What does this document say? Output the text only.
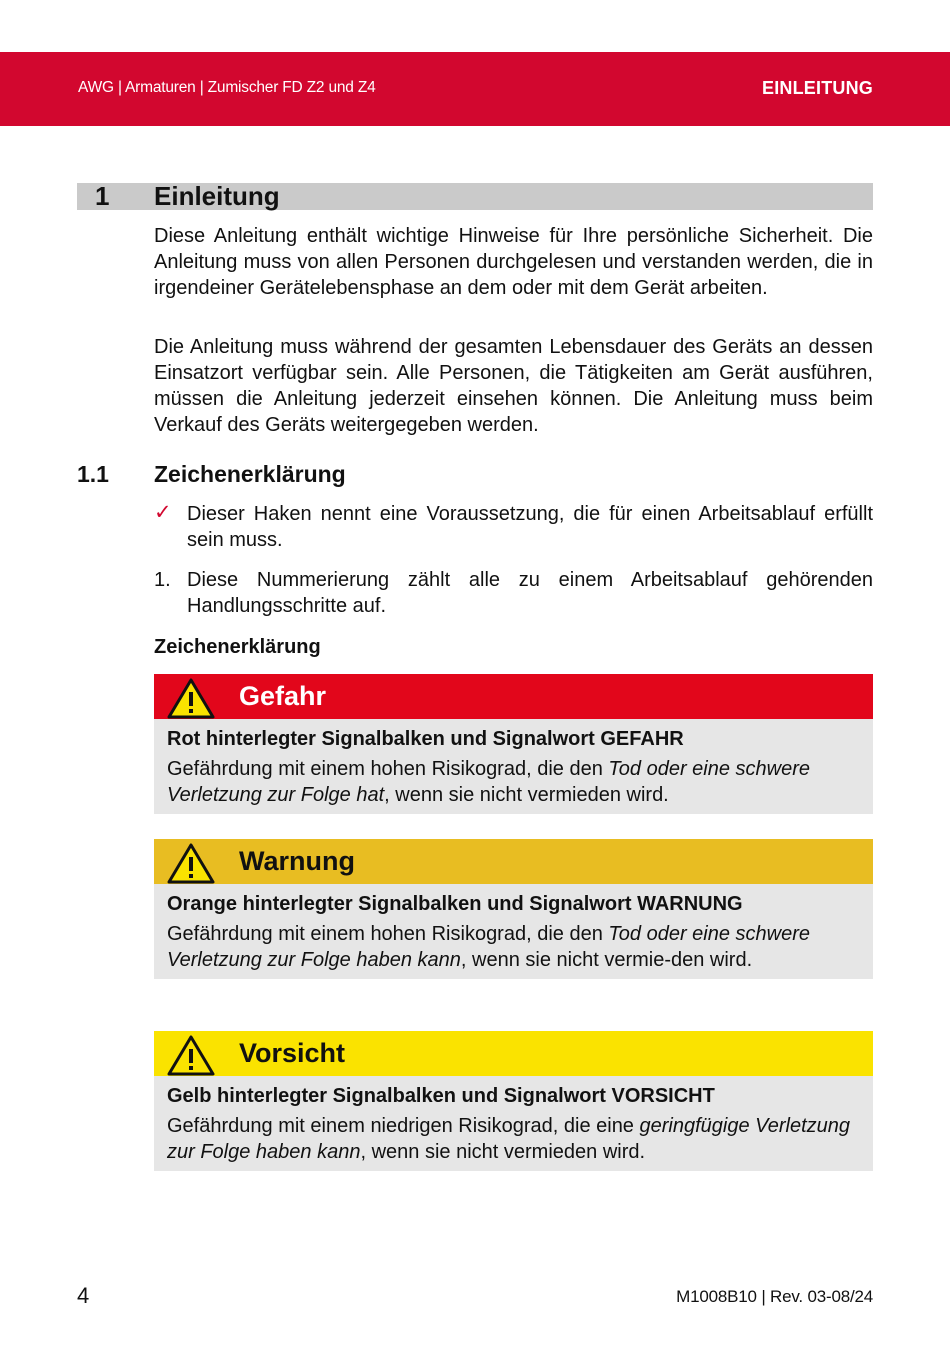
AWG | Armaturen | Zumischer FD Z2 und Z4	EINLEITUNG
1 Einleitung

Diese Anleitung enthält wichtige Hinweise für Ihre persönliche Sicherheit. Die Anleitung muss von allen Personen durchgelesen und verstanden werden, die in irgendeiner Gerätelebensphase an dem oder mit dem Gerät arbeiten.

Die Anleitung muss während der gesamten Lebensdauer des Geräts an dessen Einsatzort verfügbar sein. Alle Personen, die Tätigkeiten am Gerät ausführen, müssen die Anleitung jederzeit einsehen können. Die Anleitung muss beim Verkauf des Geräts weitergegeben werden.

1.1 Zeichenerklärung
✓ Dieser Haken nennt eine Voraussetzung, die für einen Arbeitsablauf erfüllt sein muss.

1. Diese Nummerierung zählt alle zu einem Arbeitsablauf gehörenden Handlungsschritte auf.

Zeichenerklärung
Gefahr

Rot hinterlegter Signalbalken und Signalwort GEFAHR

Gefährdung mit einem hohen Risikograd, die den Tod oder eine schwere Verletzung zur Folge hat, wenn sie nicht vermieden wird.

Warnung

Orange hinterlegter Signalbalken und Signalwort WARNUNG

Gefährdung mit einem hohen Risikograd, die den Tod oder eine schwere Verletzung zur Folge haben kann, wenn sie nicht vermie-den wird.

Vorsicht

Gelb hinterlegter Signalbalken und Signalwort VORSICHT

Gefährdung mit einem niedrigen Risikograd, die eine geringfügige Verletzung zur Folge haben kann, wenn sie nicht vermieden wird.

4	M1008B10 | Rev. 03-08/24
